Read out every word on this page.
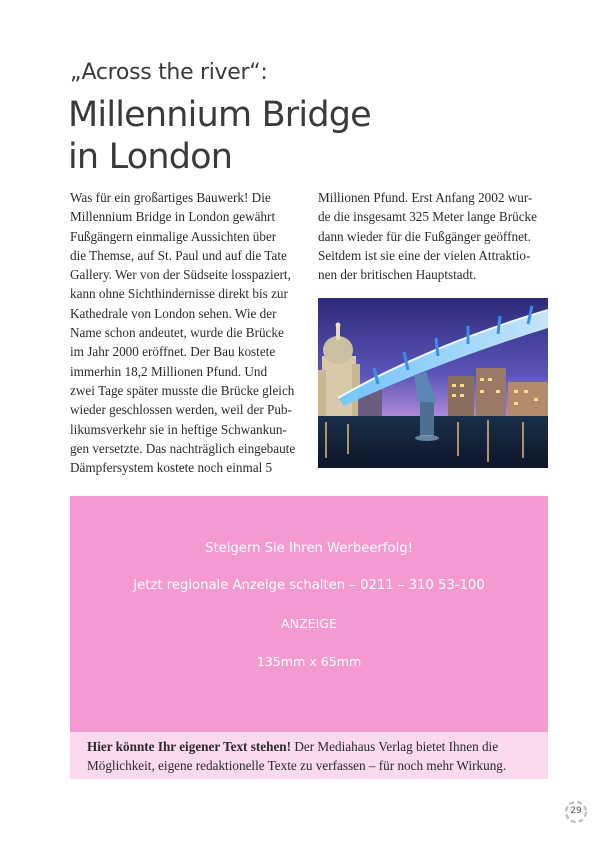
„Across the river“:
Millennium Bridge
in London
Was für ein großartiges Bauwerk! Die
Millennium Bridge in London gewährt
Fußgängern einmalige Aussichten über
die Themse, auf St. Paul und auf die Tate
Gallery. Wer von der Südseite losspaziert,
kann ohne Sichthindernisse direkt bis zur
Kathedrale von London sehen. Wie der
Name schon andeutet, wurde die Brücke
im Jahr 2000 eröffnet. Der Bau kostete
immerhin 18,2 Millionen Pfund. Und
zwei Tage später musste die Brücke gleich
wieder geschlossen werden, weil der Pub-
likumsverkehr sie in heftige Schwankun-
gen versetzte. Das nachträglich eingebaute
Dämpfersystem kostete noch einmal 5
Millionen Pfund. Erst Anfang 2002 wur-
de die insgesamt 325 Meter lange Brücke
dann wieder für die Fußgänger geöffnet.
Seitdem ist sie eine der vielen Attraktio-
nen der britischen Hauptstadt.
Steigern Sie Ihren Werbeerfolg!
Jetzt regionale Anzeige schalten – 0211 – 310 53-100
ANZEIGE
135mm x 65mm
Hier könnte Ihr eigener Text stehen! Der Mediahaus Verlag bietet Ihnen die Möglichkeit, eigene redaktionelle Texte zu verfassen – für noch mehr Wirkung.
29
